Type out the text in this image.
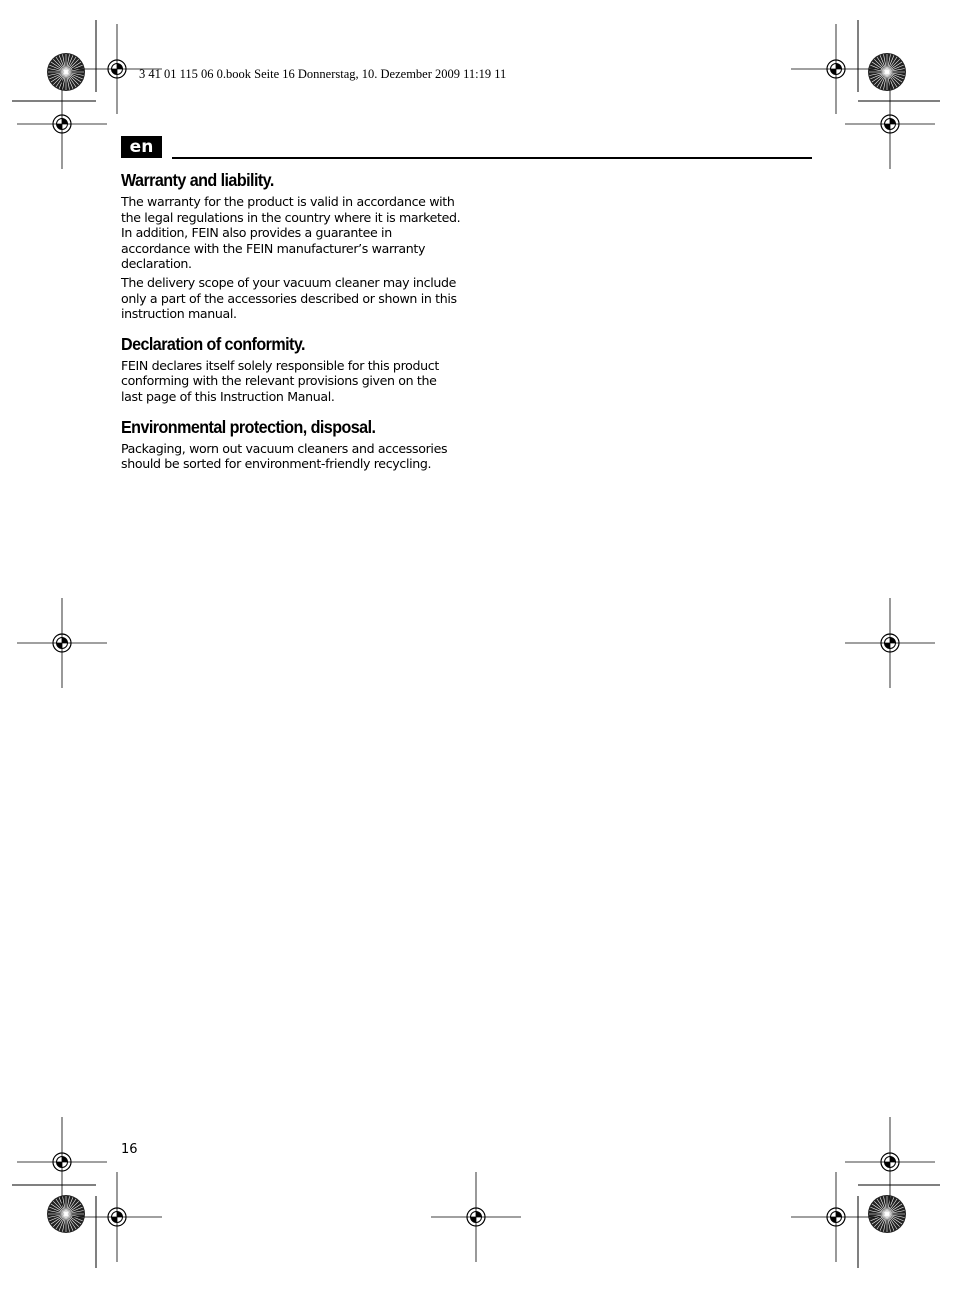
3 41 01 115 06 0.book Seite 16 Donnerstag, 10. Dezember 2009 11:19 11
en
Warranty and liability.

The warranty for the product is valid in accordance with the legal regulations in the country where it is marketed. In addition, FEIN also provides a guarantee in accordance with the FEIN manufacturer’s warranty declaration.

The delivery scope of your vacuum cleaner may include only a part of the accessories described or shown in this instruction manual.

Declaration of conformity.

FEIN declares itself solely responsible for this product conforming with the relevant provisions given on the last page of this Instruction Manual.

Environmental protection, disposal.

Packaging, worn out vacuum cleaners and accessories should be sorted for environment-friendly recycling.

16
